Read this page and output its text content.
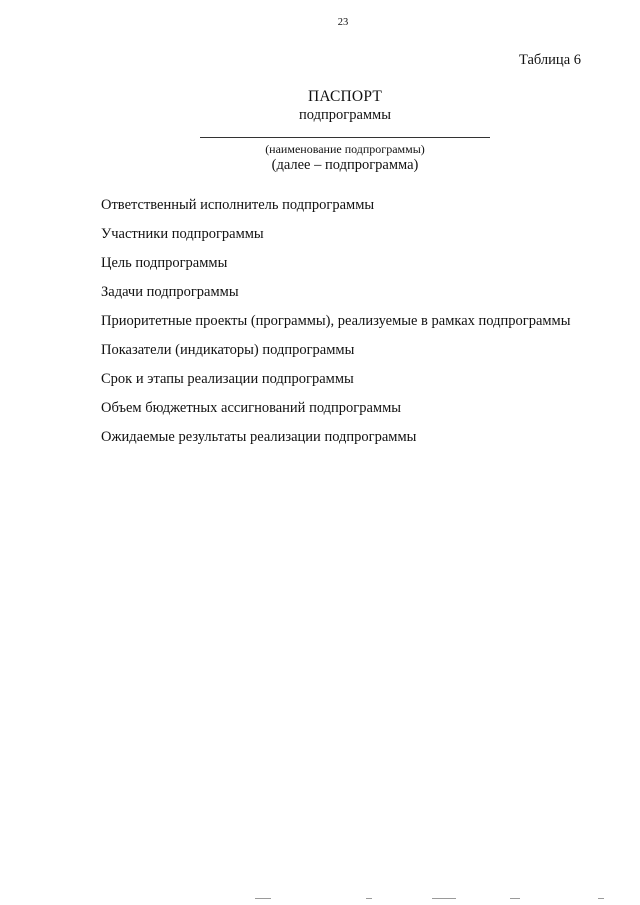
23
Таблица 6
ПАСПОРТ
подпрограммы
(наименование подпрограммы)
(далее – подпрограмма)
Ответственный исполнитель подпрограммы
Участники подпрограммы
Цель подпрограммы
Задачи подпрограммы
Приоритетные проекты (программы), реализуемые в рамках подпрограммы
Показатели (индикаторы) подпрограммы
Срок и этапы реализации подпрограммы
Объем бюджетных ассигнований подпрограммы
Ожидаемые результаты реализации подпрограммы
